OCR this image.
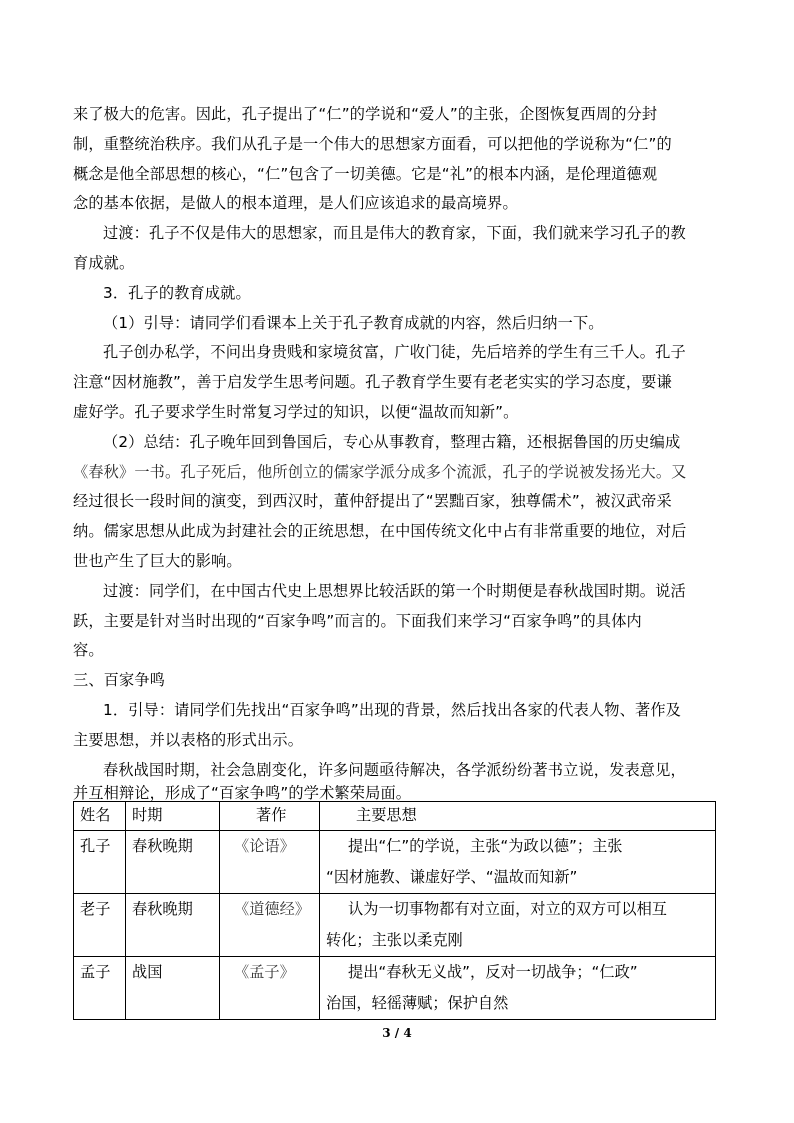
来了极大的危害。因此，孔子提出了“仁”的学说和“爱人”的主张，企图恢复西周的分封
制，重整统治秩序。我们从孔子是一个伟大的思想家方面看，可以把他的学说称为“仁”的
概念是他全部思想的核心，“仁”包含了一切美德。它是“礼”的根本内涵，是伦理道德观
念的基本依据，是做人的根本道理，是人们应该追求的最高境界。
过渡：孔子不仅是伟大的思想家，而且是伟大的教育家，下面，我们就来学习孔子的教
育成就。
3．孔子的教育成就。
（1）引导：请同学们看课本上关于孔子教育成就的内容，然后归纳一下。
孔子创办私学，不问出身贵贱和家境贫富，广收门徒，先后培养的学生有三千人。孔子
注意“因材施教”，善于启发学生思考问题。孔子教育学生要有老老实实的学习态度，要谦
虚好学。孔子要求学生时常复习学过的知识，以便“温故而知新”。
（2）总结：孔子晚年回到鲁国后，专心从事教育，整理古籍，还根据鲁国的历史编成
《春秋》一书。孔子死后，他所创立的儒家学派分成多个流派，孔子的学说被发扬光大。又
经过很长一段时间的演变，到西汉时，董仲舒提出了“罢黜百家，独尊儒术”，被汉武帝采
纳。儒家思想从此成为封建社会的正统思想，在中国传统文化中占有非常重要的地位，对后
世也产生了巨大的影响。
过渡：同学们，在中国古代史上思想界比较活跃的第一个时期便是春秋战国时期。说活
跃，主要是针对当时出现的“百家争鸣”而言的。下面我们来学习“百家争鸣”的具体内
容。
三、百家争鸣
1．引导：请同学们先找出“百家争鸣”出现的背景，然后找出各家的代表人物、著作及
主要思想，并以表格的形式出示。
春秋战国时期，社会急剧变化，许多问题亟待解决，各学派纷纷著书立说，发表意见，
并互相辩论，形成了“百家争鸣”的学术繁荣局面。
姓名	时期	著作	主要思想
孔子	春秋晚期	《论语》	提出“仁”的学说，主张“为政以德”；主张
“因材施教、谦虚好学、“温故而知新”

老子	春秋晚期	《道德经》	认为一切事物都有对立面，对立的双方可以相互
转化；主张以柔克刚

孟子	战国	《孟子》	提出“春秋无义战”，反对一切战争；“仁政”
治国，轻徭薄赋；保护自然
3 / 4
